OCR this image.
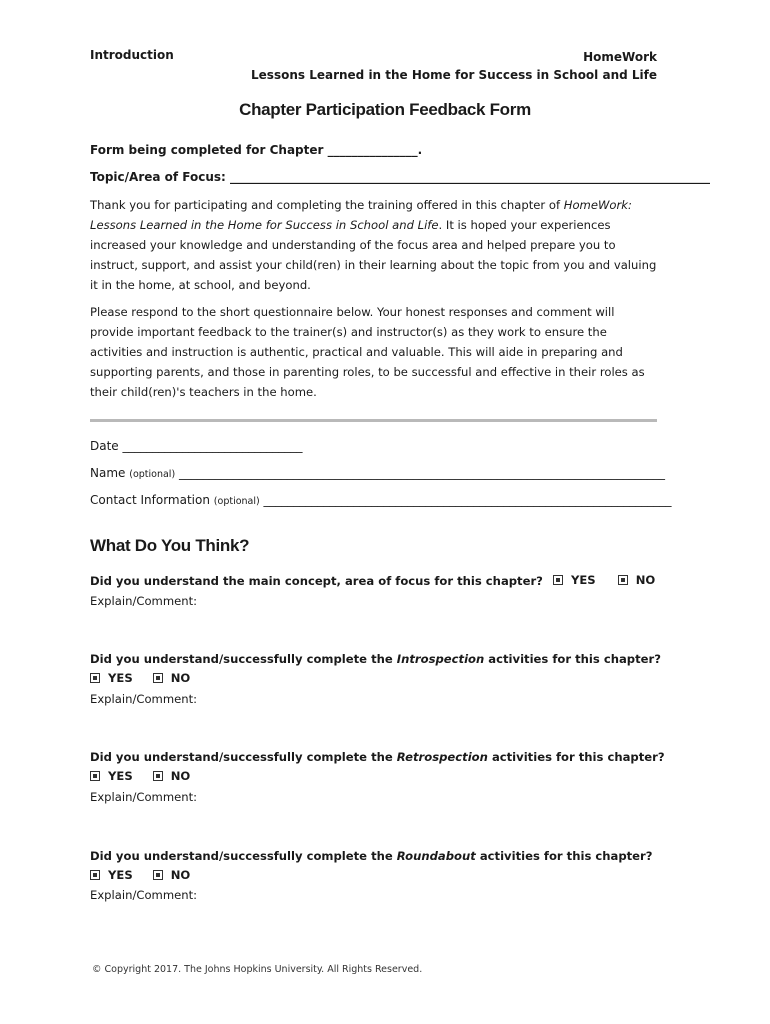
Introduction	HomeWork
Lessons Learned in the Home for Success in School and Life
Chapter Participation Feedback Form
Form being completed for Chapter _______________.
Topic/Area of Focus: ________________________________________________________________________________
Thank you for participating and completing the training offered in this chapter of HomeWork: Lessons Learned in the Home for Success in School and Life. It is hoped your experiences increased your knowledge and understanding of the focus area and helped prepare you to instruct, support, and assist your child(ren) in their learning about the topic from you and valuing it in the home, at school, and beyond.
Please respond to the short questionnaire below. Your honest responses and comment will provide important feedback to the trainer(s) and instructor(s) as they work to ensure the activities and instruction is authentic, practical and valuable. This will aide in preparing and supporting parents, and those in parenting roles, to be successful and effective in their roles as their child(ren)'s teachers in the home.
Date ______________________________
Name (optional) _________________________________________________________________________________
Contact Information (optional) ____________________________________________________________________
What Do You Think?
Did you understand the main concept, area of focus for this chapter? YES
	NO
Explain/Comment:
Did you understand/successfully complete the Introspection activities for this chapter?
YES
	NO
Explain/Comment:
Did you understand/successfully complete the Retrospection activities for this chapter?
YES
	NO
Explain/Comment:
Did you understand/successfully complete the Roundabout activities for this chapter?
YES
	NO
Explain/Comment:
© Copyright 2017. The Johns Hopkins University. All Rights Reserved.
